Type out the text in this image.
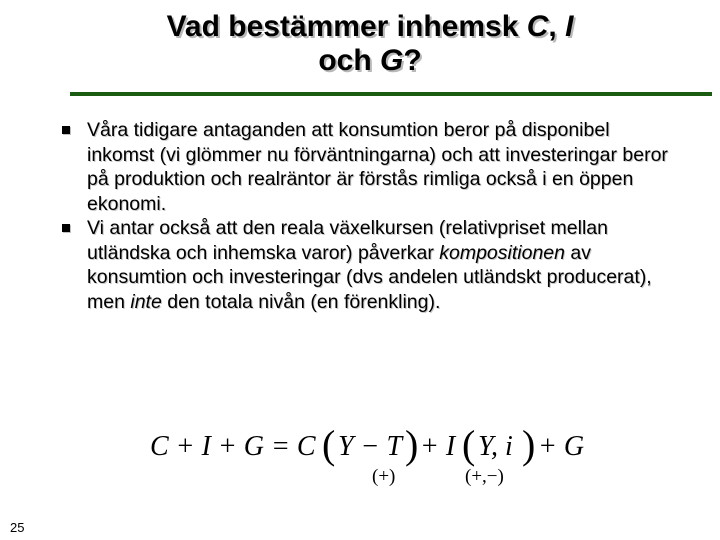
Vad bestämmer inhemsk C, I
och G?
Våra tidigare antaganden att konsumtion beror på disponibel inkomst (vi glömmer nu förväntningarna) och att investeringar beror på produktion och realräntor är förstås rimliga också i en öppen ekonomi.
Vi antar också att den reala växelkursen (relativpriset mellan utländska och inhemska varor) påverkar kompositionen av konsumtion och investeringar (dvs andelen utländskt producerat), men inte den totala nivån (en förenkling).
C + I + G = C ( Y − T ) + I ( Y, i ) + G
(+)	(+,−)
25
